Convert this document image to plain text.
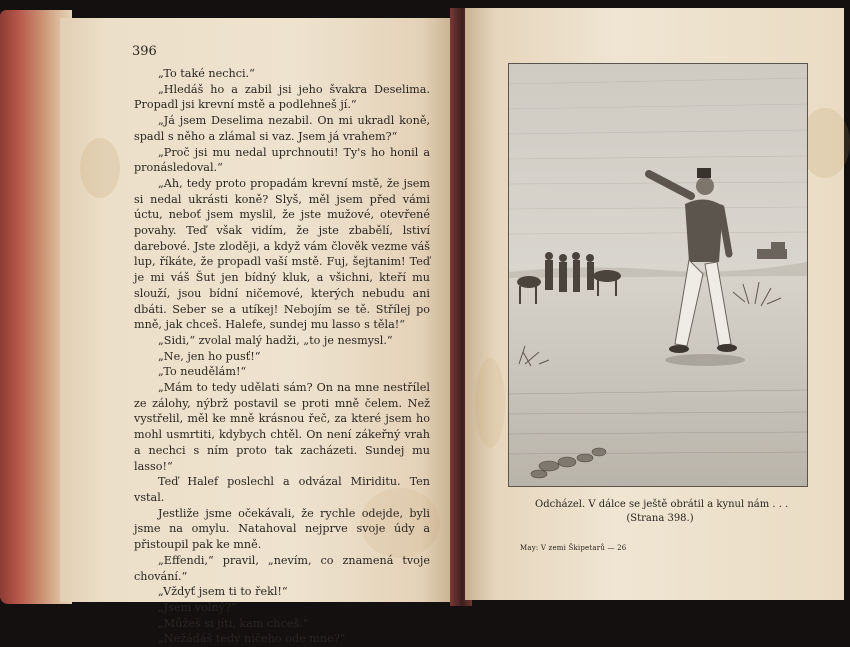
396

„To také nechci.“

„Hledáš ho a zabil jsi jeho švakra Deselima. Propadl jsi krevní mstě a podlehneš jí.“

„Já jsem Deselima nezabil. On mi ukradl koně, spadl s něho a zlámal si vaz. Jsem já vrahem?“

„Proč jsi mu nedal uprchnouti! Ty's ho honil a pronásledoval.“

„Ah, tedy proto propadám krevní mstě, že jsem si nedal ukrásti koně? Slyš, měl jsem před vámi úctu, neboť jsem myslil, že jste mužové, otevřené povahy. Teď však vidím, že jste zbabělí, lstiví darebové. Jste zloději, a když vám člověk vezme váš lup, říkáte, že propadl vaší mstě. Fuj, šejtanim! Teď je mi váš Šut jen bídný kluk, a všichni, kteří mu slouží, jsou bídní ničemové, kterých nebudu ani dbáti. Seber se a utíkej! Nebojím se tě. Střílej po mně, jak chceš. Halefe, sundej mu lasso s těla!“

„Sidi,“ zvolal malý hadži, „to je nesmysl.“

„Ne, jen ho pusť!“

„To neudělám!“

„Mám to tedy udělati sám? On na mne nestřílel ze zálohy, nýbrž postavil se proti mně čelem. Než vystřelil, měl ke mně krásnou řeč, za které jsem ho mohl usmrtiti, kdybych chtěl. On není zákeřný vrah a nechci s ním proto tak zacházeti. Sundej mu lasso!“

Teď Halef poslechl a odvázal Miriditu. Ten vstal.

Jestliže jsme očekávali, že rychle odejde, byli jsme na omylu. Natahoval nejprve svoje údy a přistoupil pak ke mně.

„Effendi,“ pravil, „nevím, co znamená tvoje chování.“

„Vždyť jsem ti to řekl!“

„Jsem volný?“

„Můžeš si jíti, kam chceš.“

„Nežádáš tedy ničeho ode mne?“

Odcházel. V dálce se ještě obrátil a kynul nám . . .
(Strana 398.)
May: V zemi Škipetarů — 26
